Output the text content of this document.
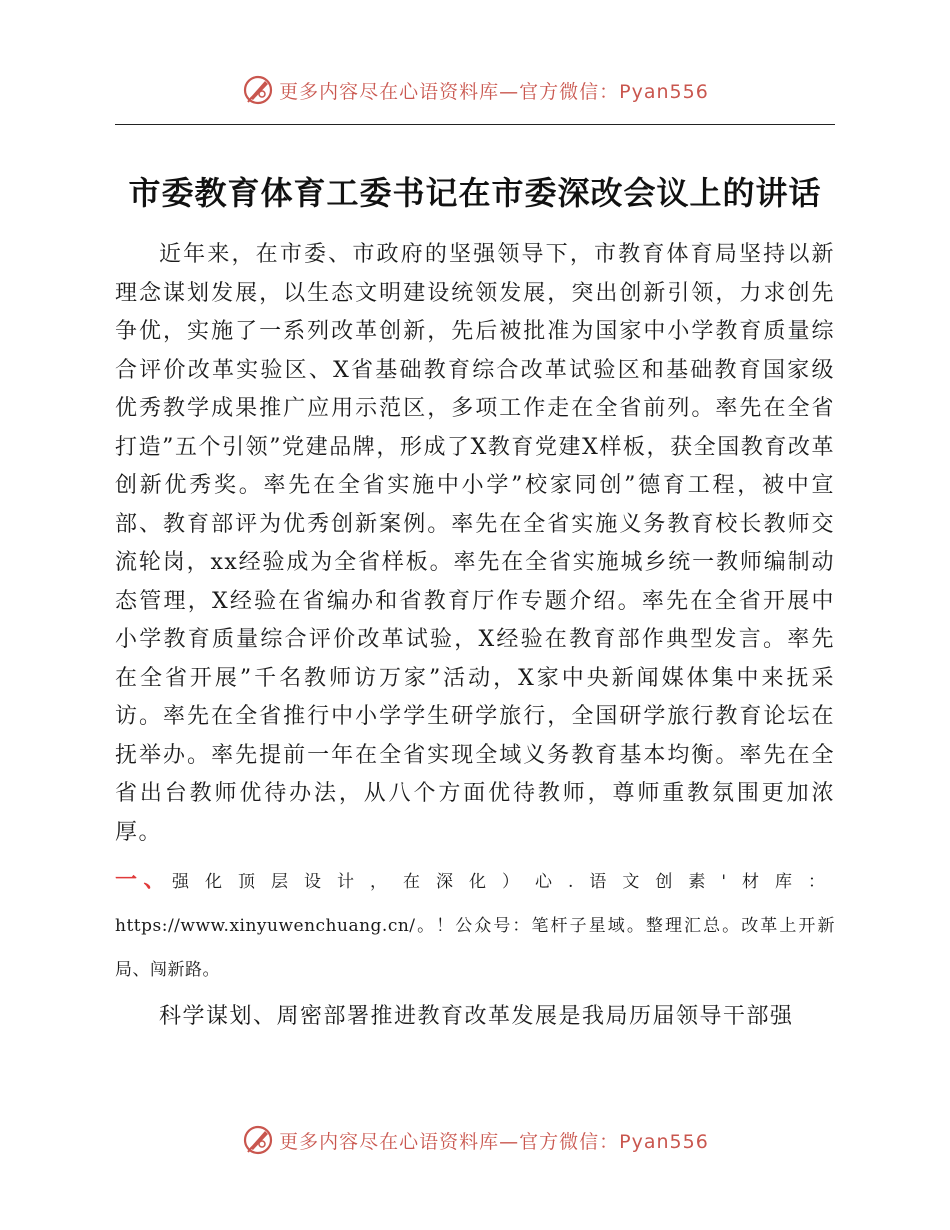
更多内容尽在心语资料库—官方微信：Pyan556
市委教育体育工委书记在市委深改会议上的讲话

近年来，在市委、市政府的坚强领导下，市教育体育局坚持以新理念谋划发展，以生态文明建设统领发展，突出创新引领，力求创先争优，实施了一系列改革创新，先后被批准为国家中小学教育质量综合评价改革实验区、X省基础教育综合改革试验区和基础教育国家级优秀教学成果推广应用示范区，多项工作走在全省前列。率先在全省打造”五个引领”党建品牌，形成了X教育党建X样板，获全国教育改革创新优秀奖。率先在全省实施中小学”校家同创”德育工程，被中宣部、教育部评为优秀创新案例。率先在全省实施义务教育校长教师交流轮岗，xx经验成为全省样板。率先在全省实施城乡统一教师编制动态管理，X经验在省编办和省教育厅作专题介绍。率先在全省开展中小学教育质量综合评价改革试验，X经验在教育部作典型发言。率先在全省开展”千名教师访万家”活动，X家中央新闻媒体集中来抚采访。率先在全省推行中小学学生研学旅行，全国研学旅行教育论坛在抚举办。率先提前一年在全省实现全域义务教育基本均衡。率先在全省出台教师优待办法，从八个方面优待教师，尊师重教氛围更加浓厚。

一、强化顶层设计，在深化）心.语文创素'材库：https://www.xinyuwenchuang.cn/。！公众号：笔杆子星域。整理汇总。改革上开新局、闯新路。

科学谋划、周密部署推进教育改革发展是我局历届领导干部强

更多内容尽在心语资料库—官方微信：Pyan556
